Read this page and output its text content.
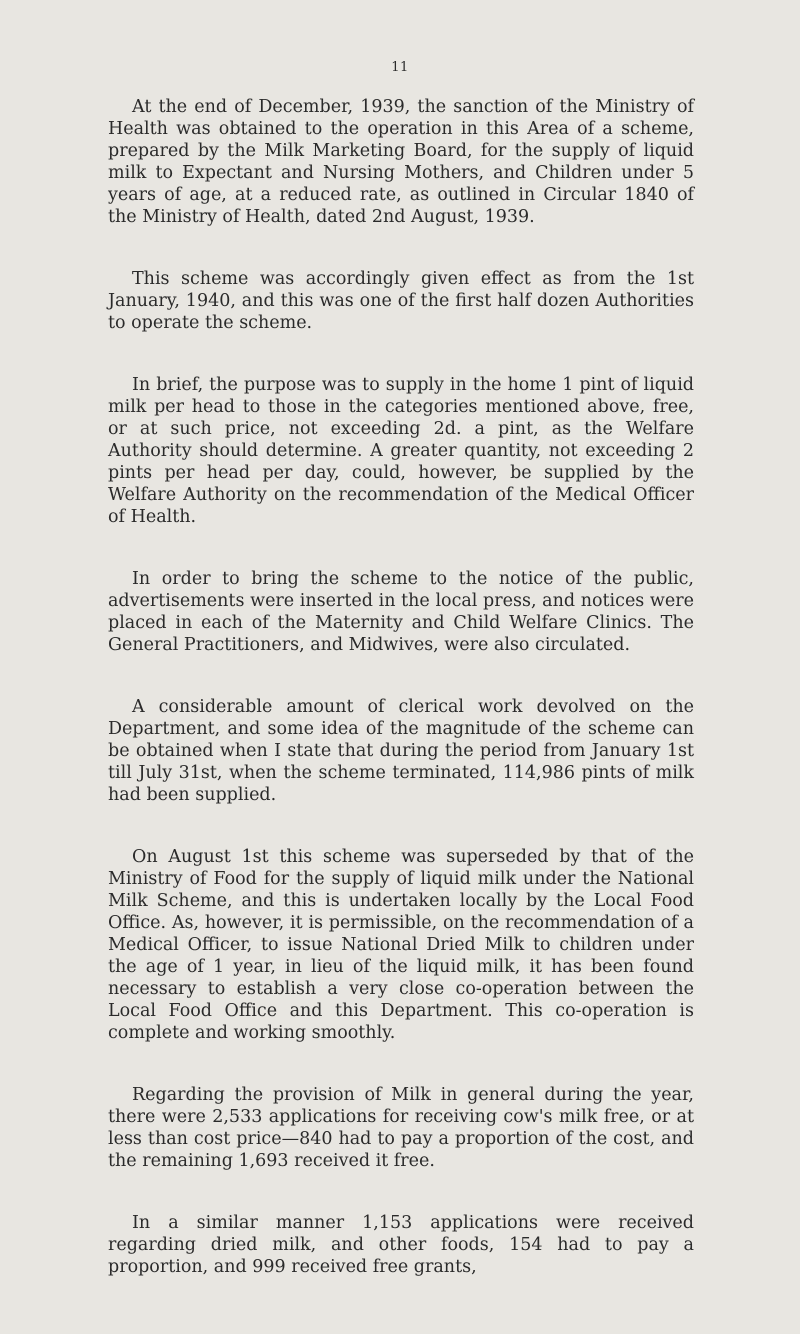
11

At the end of December, 1939, the sanction of the Ministry of Health was obtained to the operation in this Area of a scheme, prepared by the Milk Marketing Board, for the supply of liquid milk to Expectant and Nursing Mothers, and Children under 5 years of age, at a reduced rate, as outlined in Circular 1840 of the Ministry of Health, dated 2nd August, 1939.

This scheme was accordingly given effect as from the 1st January, 1940, and this was one of the first half dozen Authorities to operate the scheme.

In brief, the purpose was to supply in the home 1 pint of liquid milk per head to those in the categories mentioned above, free, or at such price, not exceeding 2d. a pint, as the Welfare Authority should determine. A greater quantity, not exceeding 2 pints per head per day, could, however, be supplied by the Welfare Authority on the recommendation of the Medical Officer of Health.

In order to bring the scheme to the notice of the public, advertisements were inserted in the local press, and notices were placed in each of the Maternity and Child Welfare Clinics. The General Practitioners, and Midwives, were also circulated.

A considerable amount of clerical work devolved on the Department, and some idea of the magnitude of the scheme can be obtained when I state that during the period from January 1st till July 31st, when the scheme terminated, 114,986 pints of milk had been supplied.

On August 1st this scheme was superseded by that of the Ministry of Food for the supply of liquid milk under the National Milk Scheme, and this is undertaken locally by the Local Food Office. As, however, it is permissible, on the recommendation of a Medical Officer, to issue National Dried Milk to children under the age of 1 year, in lieu of the liquid milk, it has been found necessary to establish a very close co-operation between the Local Food Office and this Department. This co-operation is complete and working smoothly.

Regarding the provision of Milk in general during the year, there were 2,533 applications for receiving cow's milk free, or at less than cost price—840 had to pay a proportion of the cost, and the remaining 1,693 received it free.

In a similar manner 1,153 applications were received regarding dried milk, and other foods, 154 had to pay a proportion, and 999 received free grants,
